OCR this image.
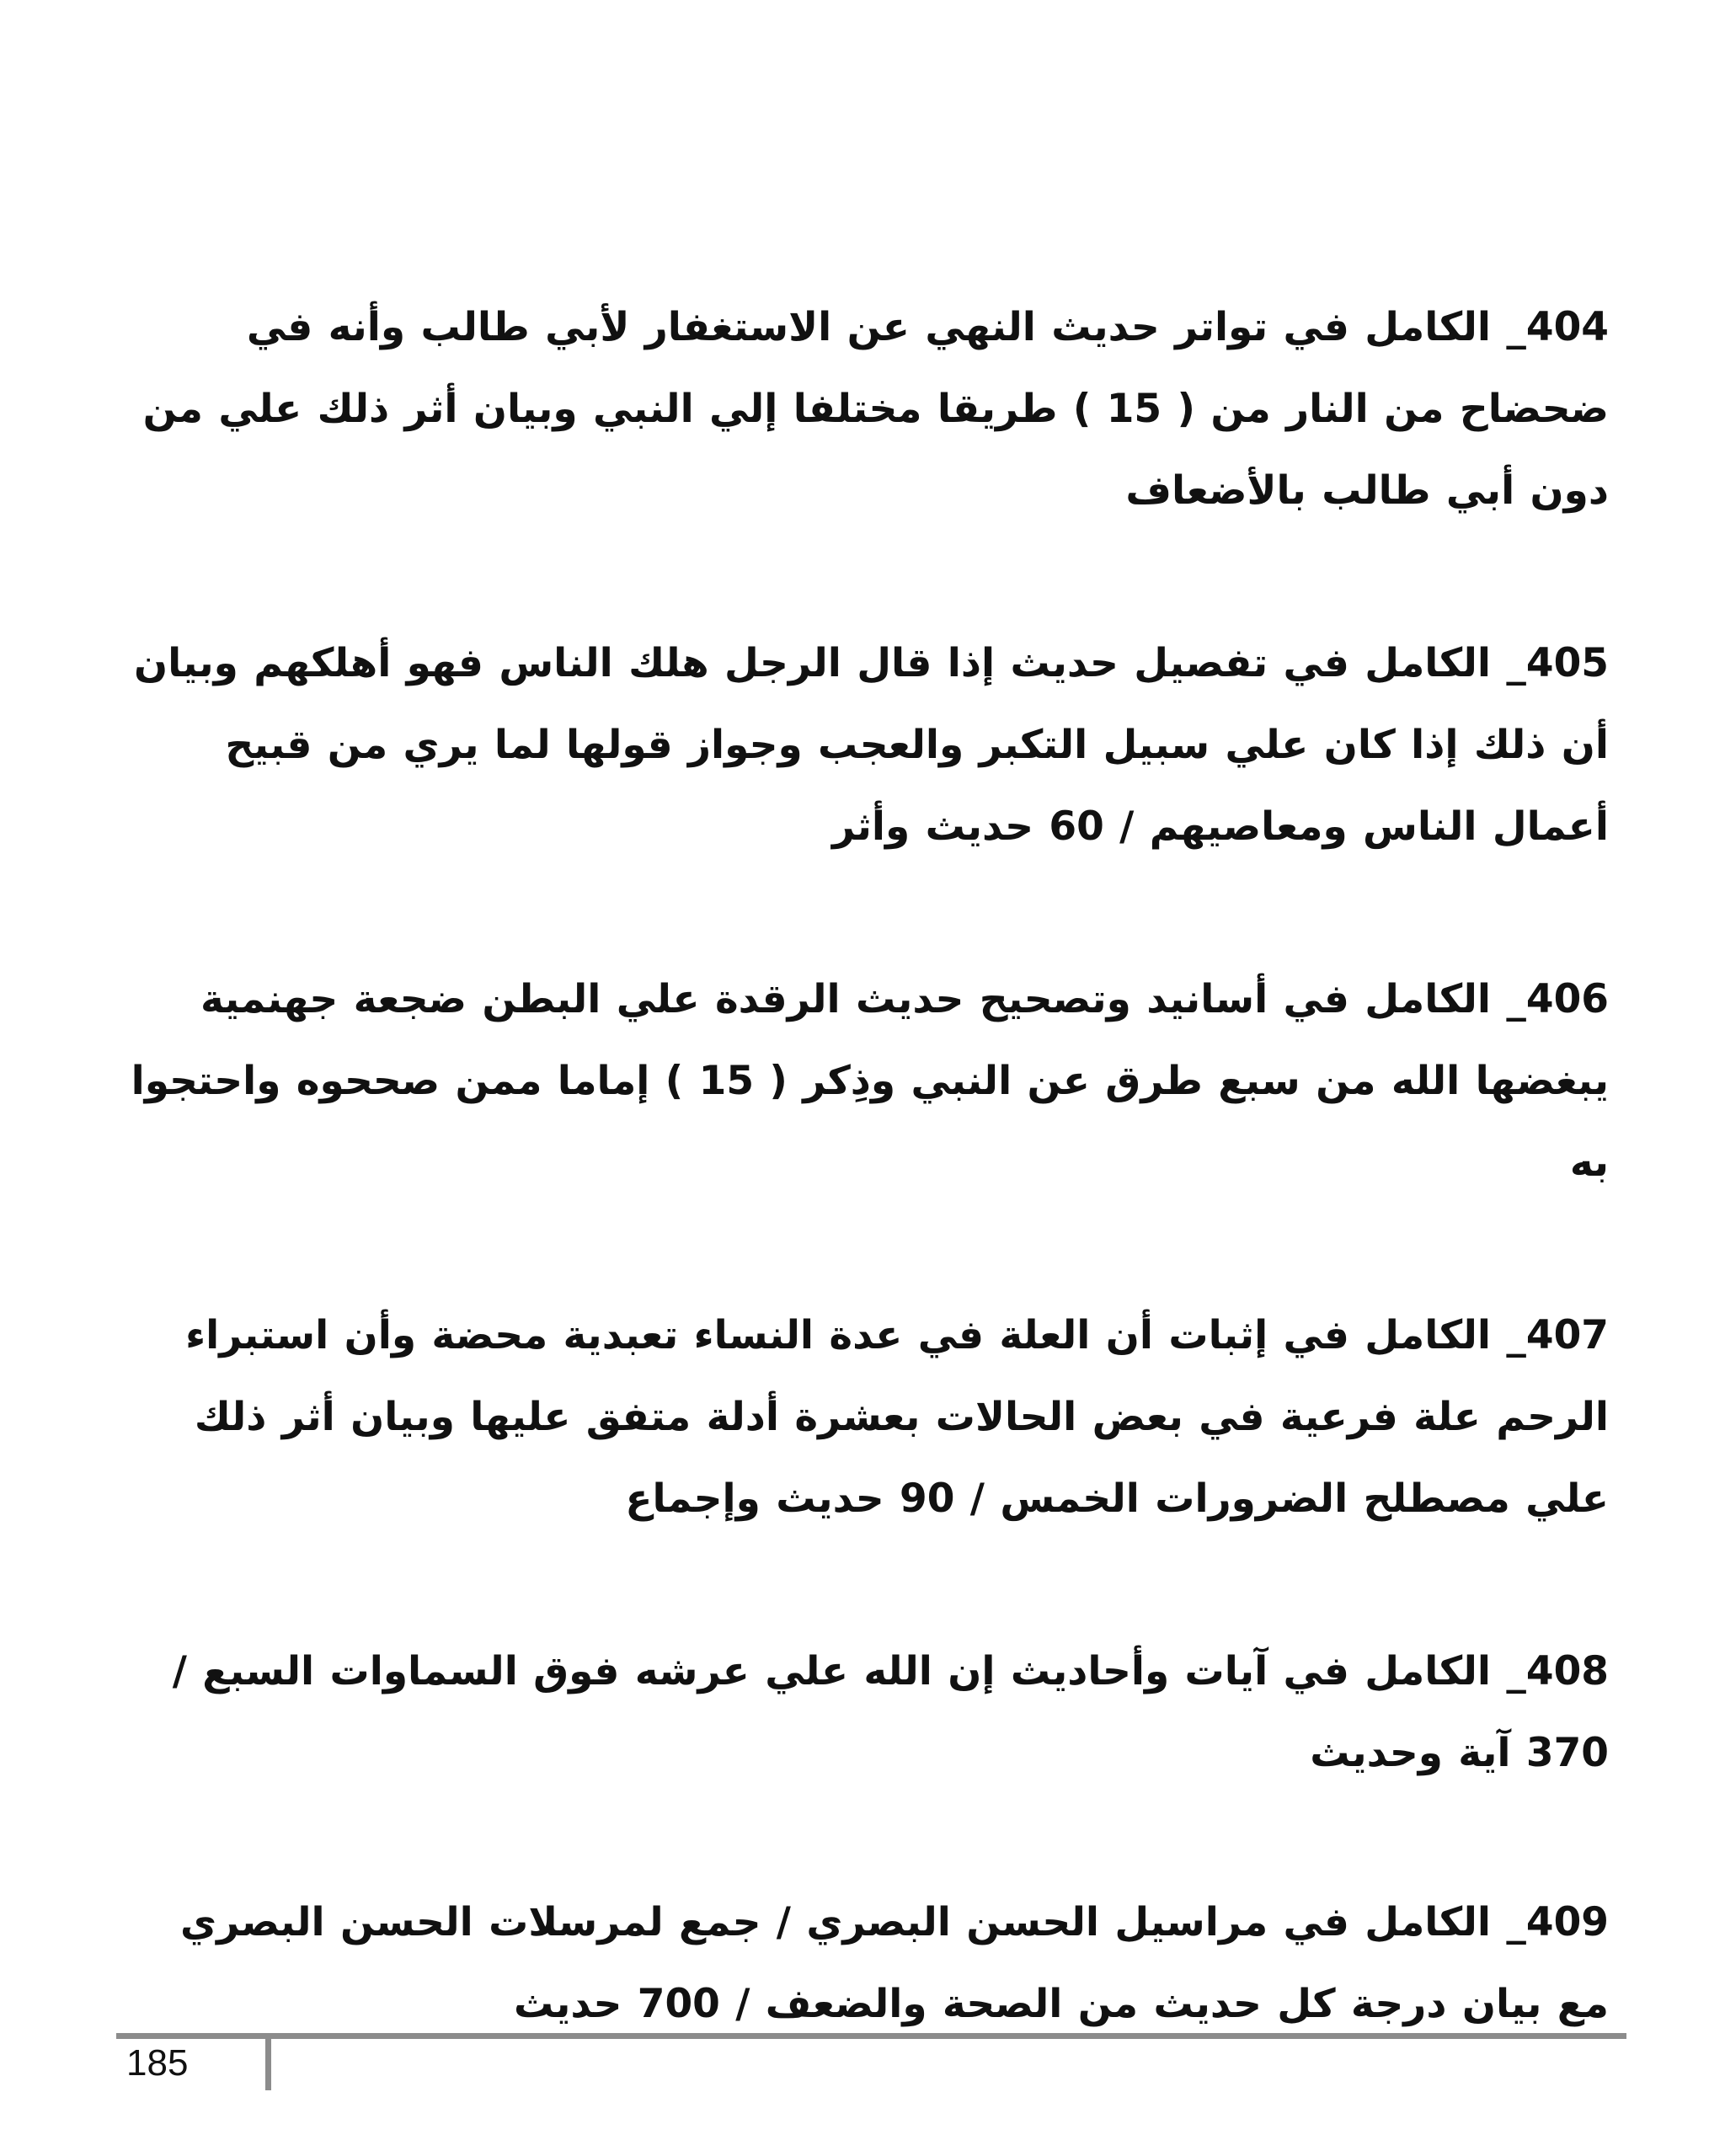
404_ الكامل في تواتر حديث النهي عن الاستغفار لأبي طالب وأنه في ضحضاح من النار من ( 15 ) طريقا مختلفا إلي النبي وبيان أثر ذلك علي من دون أبي طالب بالأضعاف

405_ الكامل في تفصيل حديث إذا قال الرجل هلك الناس فهو أهلكهم وبيان أن ذلك إذا كان علي سبيل التكبر والعجب وجواز قولها لما يري من قبيح أعمال الناس ومعاصيهم / 60 حديث وأثر

406_ الكامل في أسانيد وتصحيح حديث الرقدة علي البطن ضجعة جهنمية يبغضها الله من سبع طرق عن النبي وذِكر ( 15 ) إماما ممن صححوه واحتجوا به

407_ الكامل في إثبات أن العلة في عدة النساء تعبدية محضة وأن استبراء الرحم علة فرعية في بعض الحالات بعشرة أدلة متفق عليها وبيان أثر ذلك علي مصطلح الضرورات الخمس / 90 حديث وإجماع

408_ الكامل في آيات وأحاديث إن الله علي عرشه فوق السماوات السبع / 370 آية وحديث

409_ الكامل في مراسيل الحسن البصري / جمع لمرسلات الحسن البصري مع بيان درجة كل حديث من الصحة والضعف / 700 حديث

185
